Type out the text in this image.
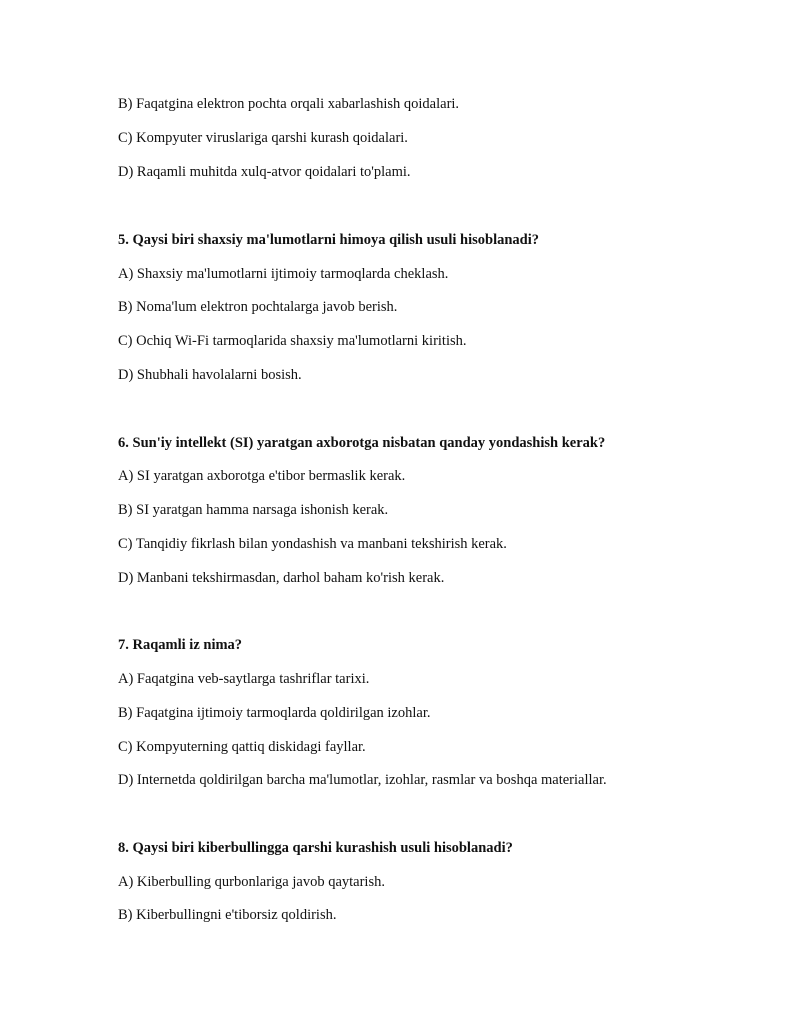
B) Faqatgina elektron pochta orqali xabarlashish qoidalari.
C) Kompyuter viruslariga qarshi kurash qoidalari.
D) Raqamli muhitda xulq-atvor qoidalari to'plami.
5. Qaysi biri shaxsiy ma'lumotlarni himoya qilish usuli hisoblanadi?
A) Shaxsiy ma'lumotlarni ijtimoiy tarmoqlarda cheklash.
B) Noma'lum elektron pochtalarga javob berish.
C) Ochiq Wi-Fi tarmoqlarida shaxsiy ma'lumotlarni kiritish.
D) Shubhali havolalarni bosish.
6. Sun'iy intellekt (SI) yaratgan axborotga nisbatan qanday yondashish kerak?
A) SI yaratgan axborotga e'tibor bermaslik kerak.
B) SI yaratgan hamma narsaga ishonish kerak.
C) Tanqidiy fikrlash bilan yondashish va manbani tekshirish kerak.
D) Manbani tekshirmasdan, darhol baham ko'rish kerak.
7. Raqamli iz nima?
A) Faqatgina veb-saytlarga tashriflar tarixi.
B) Faqatgina ijtimoiy tarmoqlarda qoldirilgan izohlar.
C) Kompyuterning qattiq diskidagi fayllar.
D) Internetda qoldirilgan barcha ma'lumotlar, izohlar, rasmlar va boshqa materiallar.
8. Qaysi biri kiberbullingga qarshi kurashish usuli hisoblanadi?
A) Kiberbulling qurbonlariga javob qaytarish.
B) Kiberbullingni e'tiborsiz qoldirish.
